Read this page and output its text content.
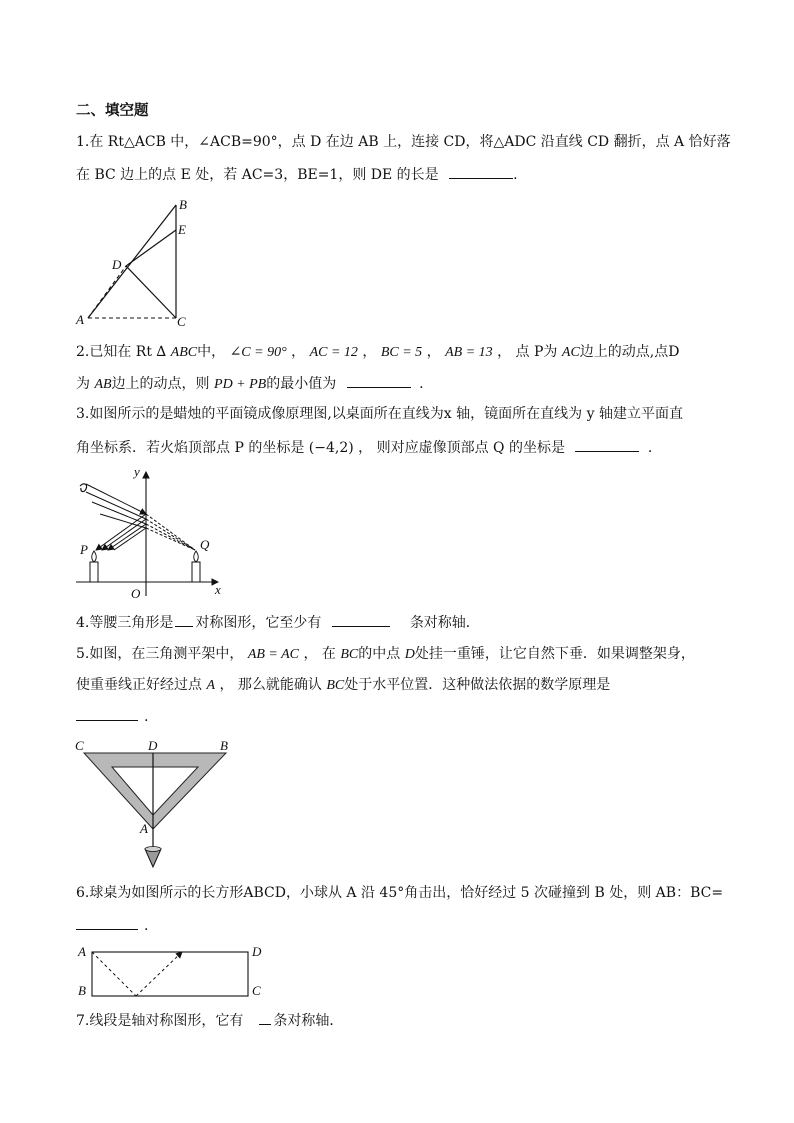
二、填空题
1.在 Rt△ACB 中，∠ACB=90°，点 D 在边 AB 上，连接 CD，将△ADC 沿直线 CD 翻折，点 A 恰好落
在 BC 边上的点 E 处，若 AC=3，BE=1，则 DE 的长是	.
B
E
D
A	C
2.已知在 Rt ∆ ABC中， ∠C = 90° ， AC = 12 ， BC = 5 ， AB = 13 ， 点 P为 AC边上的动点,点D
为 AB边上的动点，则 PD + PB的最小值为	.
3.如图所示的是蜡烛的平面镜成像原理图,以桌面所在直线为x 轴，镜面所在直线为 y 轴建立平面直
角坐标系．若火焰顶部点 P 的坐标是 (−4,2) ， 则对应虚像顶部点 Q 的坐标是	.
y
x
O
P	Q
4.等腰三角形是 对称图形，它至少有	条对称轴．
5.如图，在三角测平架中， AB = AC ， 在 BC的中点 D处挂一重锤，让它自然下垂．如果调整架身，
使重垂线正好经过点 A ， 那么就能确认 BC处于水平位置．这种做法依据的数学原理是
.
C	D	B
A
6.球桌为如图所示的长方形ABCD，小球从 A 沿 45°角击出，恰好经过 5 次碰撞到 B 处，则 AB：BC=
.
A	D
B	C
7.线段是轴对称图形，它有 条对称轴．
